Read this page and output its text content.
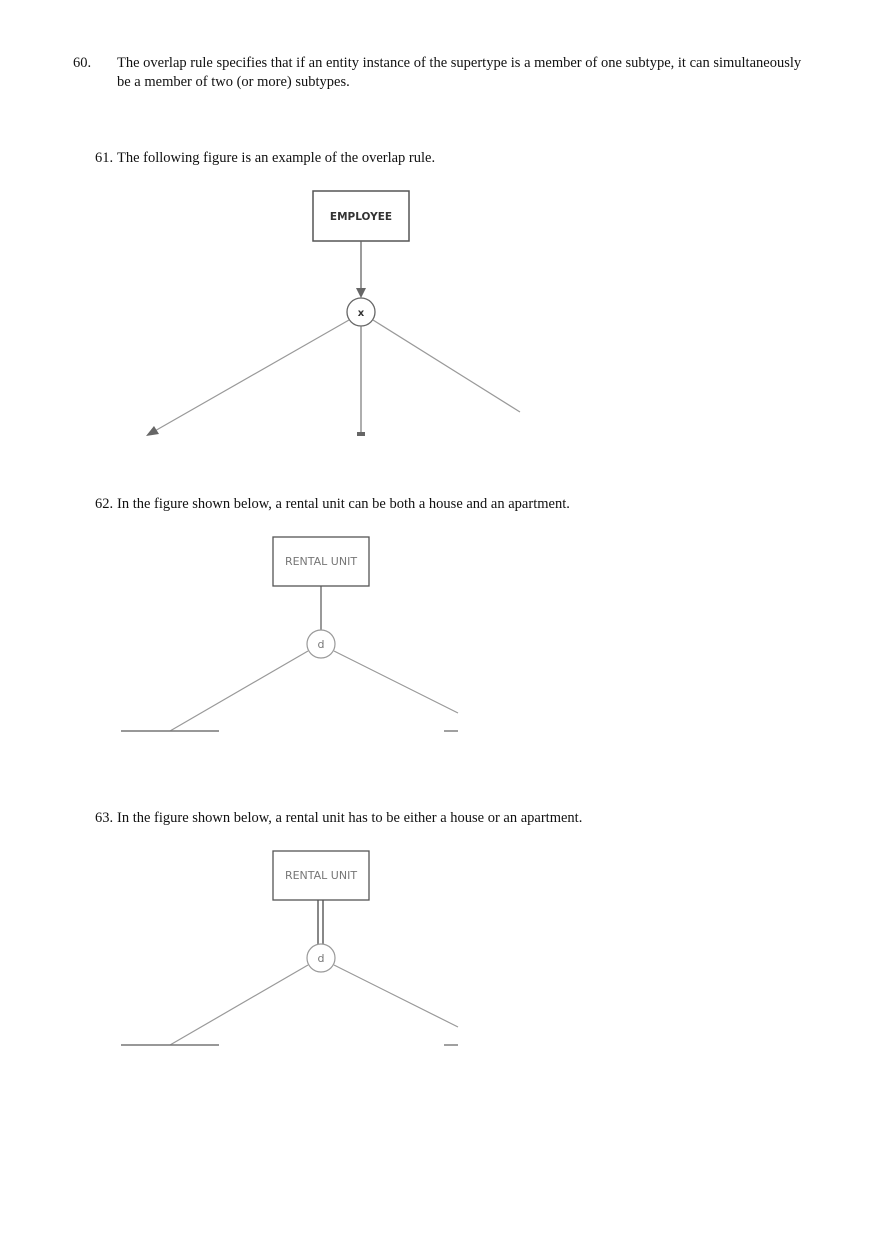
60. The overlap rule specifies that if an entity instance of the supertype is a member of one subtype, it can simultaneously be a member of two (or more) subtypes.
61. The following figure is an example of the overlap rule.
EMPLOYEE
x
62. In the figure shown below, a rental unit can be both a house and an apartment.
RENTAL UNIT
d
63. In the figure shown below, a rental unit has to be either a house or an apartment.
RENTAL UNIT
d
